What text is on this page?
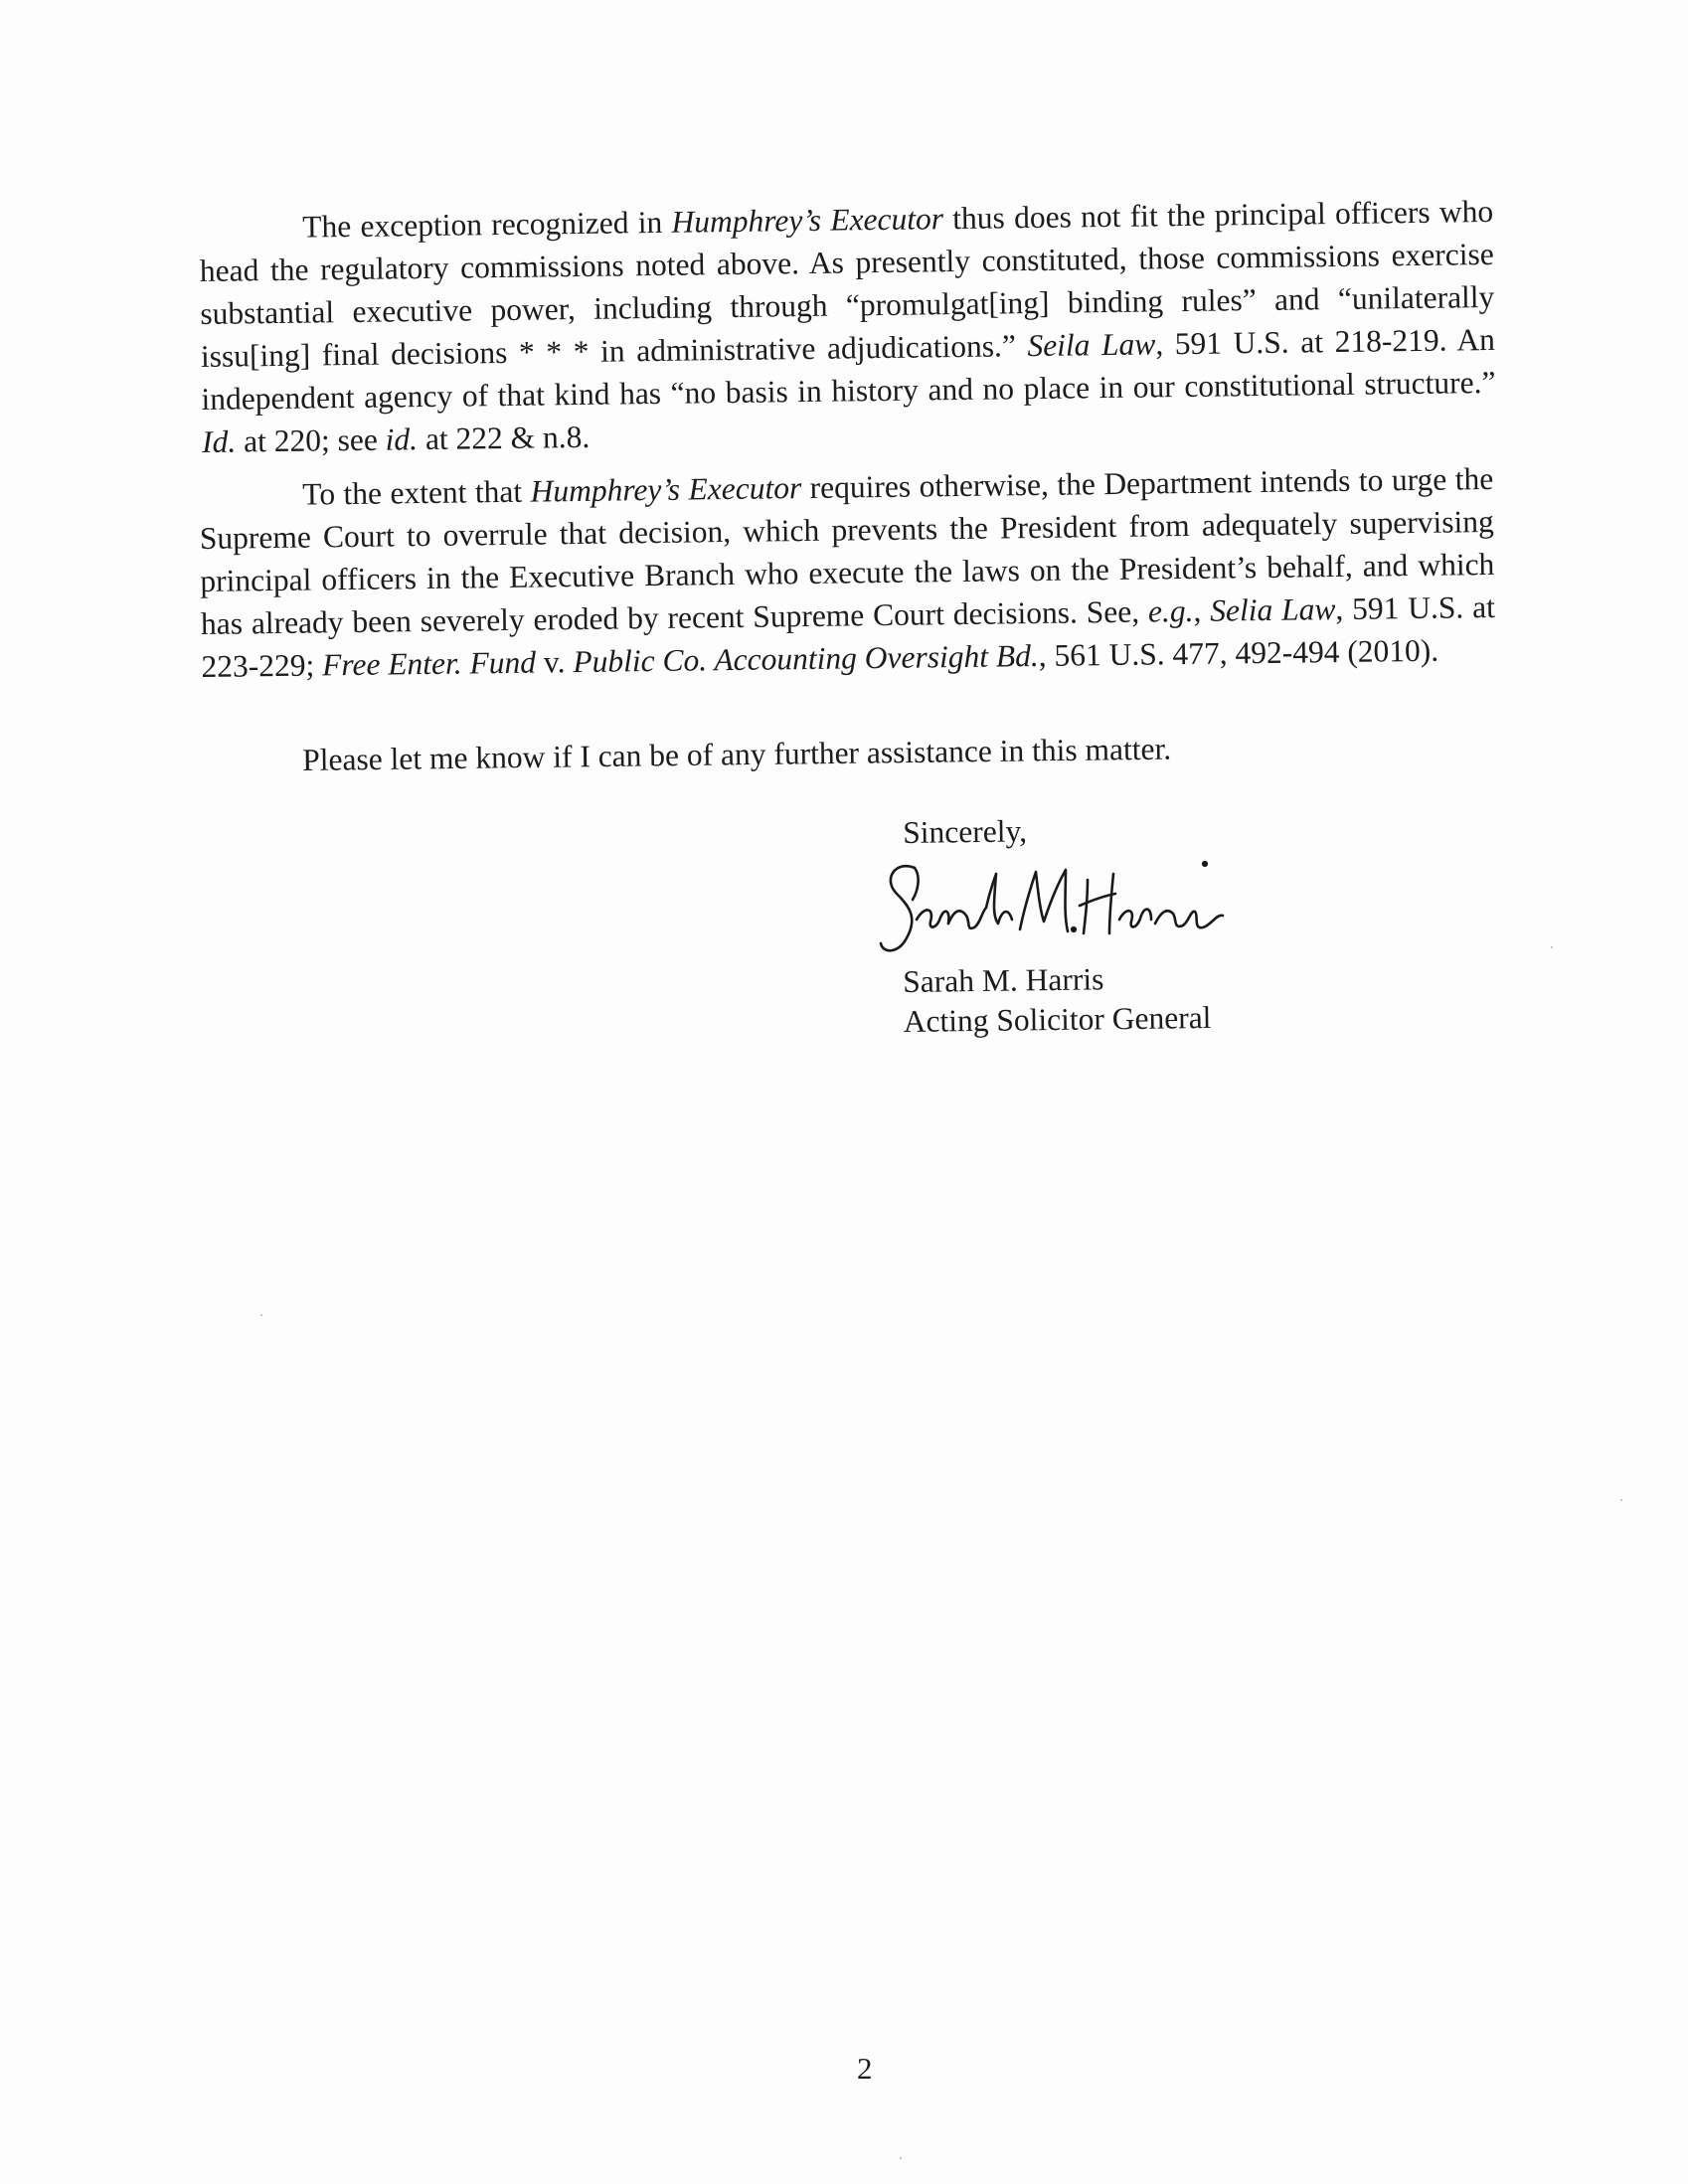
The exception recognized in Humphrey’s Executor thus does not fit the principal officers who head the regulatory commissions noted above. As presently constituted, those commissions exercise substantial executive power, including through “promulgat[ing] binding rules” and “unilaterally issu[ing] final decisions * * * in administrative adjudications.” Seila Law, 591 U.S. at 218-219. An independent agency of that kind has “no basis in history and no place in our constitutional structure.” Id. at 220; see id. at 222 & n.8.

To the extent that Humphrey’s Executor requires otherwise, the Department intends to urge the Supreme Court to overrule that decision, which prevents the President from adequately supervising principal officers in the Executive Branch who execute the laws on the President’s behalf, and which has already been severely eroded by recent Supreme Court decisions. See, e.g., Selia Law, 591 U.S. at 223-229; Free Enter. Fund v. Public Co. Accounting Oversight Bd., 561 U.S. 477, 492-494 (2010).

Please let me know if I can be of any further assistance in this matter.

Sincerely,
Sarah M. Harris
Acting Solicitor General
2
